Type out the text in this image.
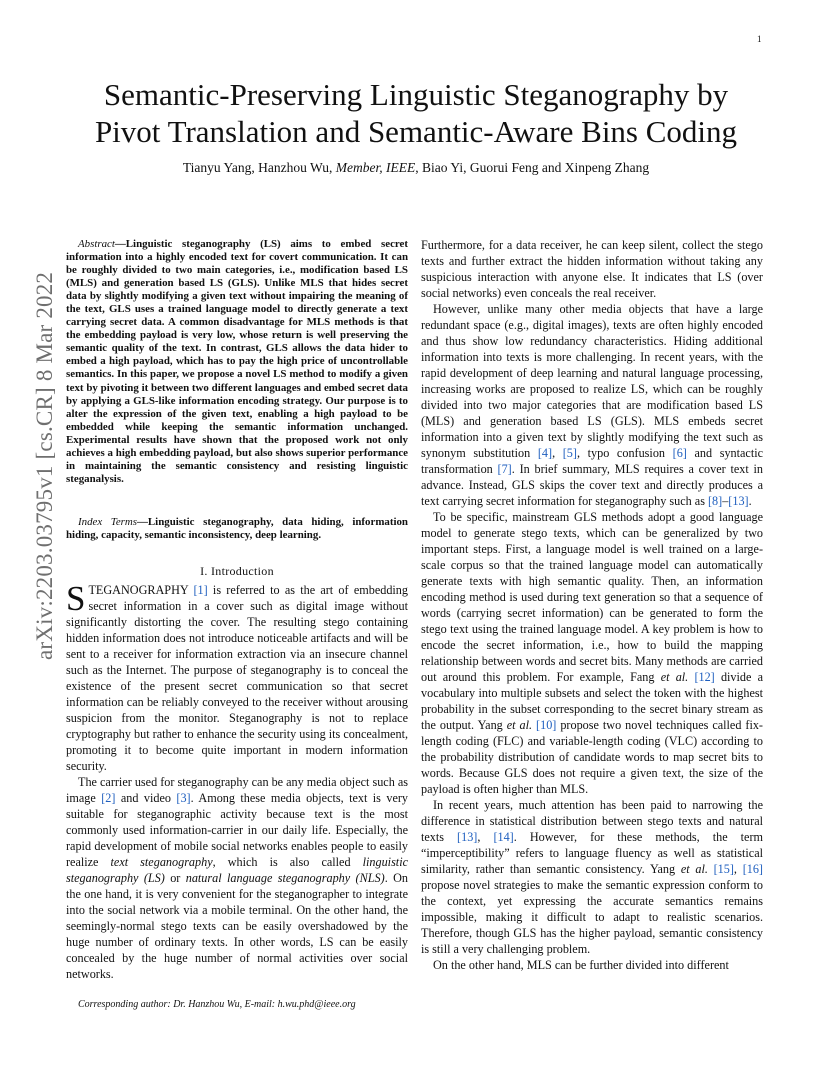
1
arXiv:2203.03795v1 [cs.CR] 8 Mar 2022
Semantic-Preserving Linguistic Steganography by
Pivot Translation and Semantic-Aware Bins Coding
Tianyu Yang, Hanzhou Wu, Member, IEEE, Biao Yi, Guorui Feng and Xinpeng Zhang

Abstract—Linguistic steganography (LS) aims to embed secret information into a highly encoded text for covert communication. It can be roughly divided to two main categories, i.e., modification based LS (MLS) and generation based LS (GLS). Unlike MLS that hides secret data by slightly modifying a given text without impairing the meaning of the text, GLS uses a trained language model to directly generate a text carrying secret data. A common disadvantage for MLS methods is that the embedding payload is very low, whose return is well preserving the semantic quality of the text. In contrast, GLS allows the data hider to embed a high payload, which has to pay the high price of uncontrollable semantics. In this paper, we propose a novel LS method to modify a given text by pivoting it between two different languages and embed secret data by applying a GLS-like information encoding strategy. Our purpose is to alter the expression of the given text, enabling a high payload to be embedded while keeping the semantic information unchanged. Experimental results have shown that the proposed work not only achieves a high embedding payload, but also shows superior performance in maintaining the semantic consistency and resisting linguistic steganalysis.

Index Terms—Linguistic steganography, data hiding, information hiding, capacity, semantic inconsistency, deep learning.

I. Introduction

STEGANOGRAPHY [1] is referred to as the art of embedding secret information in a cover such as digital image without significantly distorting the cover. The resulting stego containing hidden information does not introduce noticeable artifacts and will be sent to a receiver for information extraction via an insecure channel such as the Internet. The purpose of steganography is to conceal the existence of the present secret communication so that secret information can be reliably conveyed to the receiver without arousing suspicion from the monitor. Steganography is not to replace cryptography but rather to enhance the security using its concealment, promoting it to become quite important in modern information security.

The carrier used for steganography can be any media object such as image [2] and video [3]. Among these media objects, text is very suitable for steganographic activity because text is the most commonly used information-carrier in our daily life. Especially, the rapid development of mobile social networks enables people to easily realize text steganography, which is also called linguistic steganography (LS) or natural language steganography (NLS). On the one hand, it is very convenient for the steganographer to integrate into the social network via a mobile terminal. On the other hand, the seemingly-normal stego texts can be easily overshadowed by the huge number of ordinary texts. In other words, LS can be easily concealed by the huge number of normal activities over social networks.

Corresponding author: Dr. Hanzhou Wu, E-mail: h.wu.phd@ieee.org

Furthermore, for a data receiver, he can keep silent, collect the stego texts and further extract the hidden information without taking any suspicious interaction with anyone else. It indicates that LS (over social networks) even conceals the real receiver.

However, unlike many other media objects that have a large redundant space (e.g., digital images), texts are often highly encoded and thus show low redundancy characteristics. Hiding additional information into texts is more challenging. In recent years, with the rapid development of deep learning and natural language processing, increasing works are proposed to realize LS, which can be roughly divided into two major categories that are modification based LS (MLS) and generation based LS (GLS). MLS embeds secret information into a given text by slightly modifying the text such as synonym substitution [4], [5], typo confusion [6] and syntactic transformation [7]. In brief summary, MLS requires a cover text in advance. Instead, GLS skips the cover text and directly produces a text carrying secret information for steganography such as [8]–[13].

To be specific, mainstream GLS methods adopt a good language model to generate stego texts, which can be generalized by two important steps. First, a language model is well trained on a large-scale corpus so that the trained language model can automatically generate texts with high semantic quality. Then, an information encoding method is used during text generation so that a sequence of words (carrying secret information) can be generated to form the stego text using the trained language model. A key problem is how to encode the secret information, i.e., how to build the mapping relationship between words and secret bits. Many methods are carried out around this problem. For example, Fang et al. [12] divide a vocabulary into multiple subsets and select the token with the highest probability in the subset corresponding to the secret binary stream as the output. Yang et al. [10] propose two novel techniques called fix-length coding (FLC) and variable-length coding (VLC) according to the probability distribution of candidate words to map secret bits to words. Because GLS does not require a given text, the size of the payload is often higher than MLS.

In recent years, much attention has been paid to narrowing the difference in statistical distribution between stego texts and natural texts [13], [14]. However, for these methods, the term “imperceptibility” refers to language fluency as well as statistical similarity, rather than semantic consistency. Yang et al. [15], [16] propose novel strategies to make the semantic expression conform to the context, yet expressing the accurate semantics remains impossible, making it difficult to adapt to realistic scenarios. Therefore, though GLS has the higher payload, semantic consistency is still a very challenging problem.

On the other hand, MLS can be further divided into different
